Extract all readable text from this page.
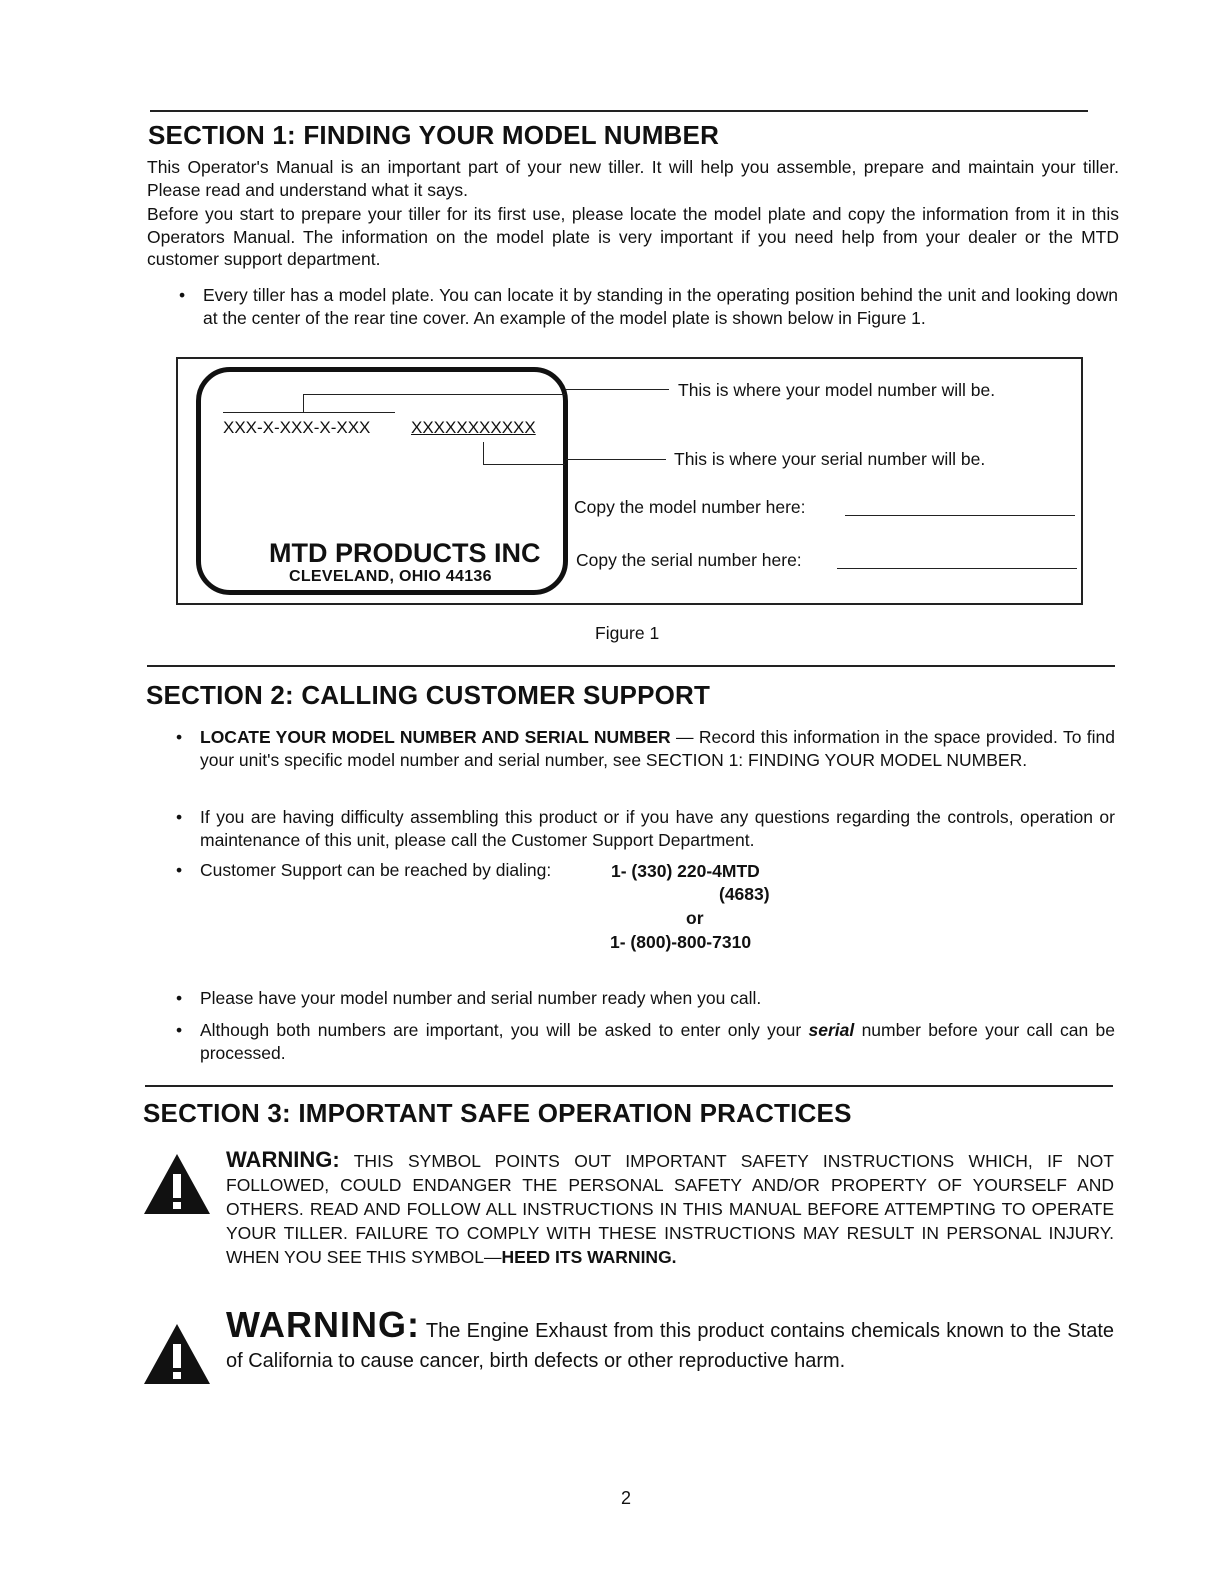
SECTION 1: FINDING YOUR MODEL NUMBER

This Operator's Manual is an important part of your new tiller. It will help you assemble, prepare and maintain your tiller. Please read and understand what it says.

Before you start to prepare your tiller for its first use, please locate the model plate and copy the information from it in this Operators Manual. The information on the model plate is very important if you need help from your dealer or the MTD customer support department.

• Every tiller has a model plate. You can locate it by standing in the operating position behind the unit and looking down at the center of the rear tine cover. An example of the model plate is shown below in Figure 1.
XXX-X-XXX-X-XXX XXXXXXXXXXX
MTD PRODUCTS INC
CLEVELAND, OHIO 44136
This is where your model number will be.
This is where your serial number will be.
Copy the model number here:
Copy the serial number here:
Figure 1
SECTION 2: CALLING CUSTOMER SUPPORT
• LOCATE YOUR MODEL NUMBER AND SERIAL NUMBER — Record this information in the space provided. To find your unit's specific model number and serial number, see SECTION 1: FINDING YOUR MODEL NUMBER.
• If you are having difficulty assembling this product or if you have any questions regarding the controls, operation or maintenance of this unit, please call the Customer Support Department.
• Customer Support can be reached by dialing:	1- (330) 220-4MTD
(4683)
or
1- (800)-800-7310
• Please have your model number and serial number ready when you call.
• Although both numbers are important, you will be asked to enter only your serial number before your call can be processed.
SECTION 3: IMPORTANT SAFE OPERATION PRACTICES
WARNING: THIS SYMBOL POINTS OUT IMPORTANT SAFETY INSTRUCTIONS WHICH, IF NOT FOLLOWED, COULD ENDANGER THE PERSONAL SAFETY AND/OR PROPERTY OF YOURSELF AND OTHERS. READ AND FOLLOW ALL INSTRUCTIONS IN THIS MANUAL BEFORE ATTEMPTING TO OPERATE YOUR TILLER. FAILURE TO COMPLY WITH THESE INSTRUCTIONS MAY RESULT IN PERSONAL INJURY. WHEN YOU SEE THIS SYMBOL—HEED ITS WARNING.
WARNING: The Engine Exhaust from this product contains chemicals known to the State of California to cause cancer, birth defects or other reproductive harm.
2
